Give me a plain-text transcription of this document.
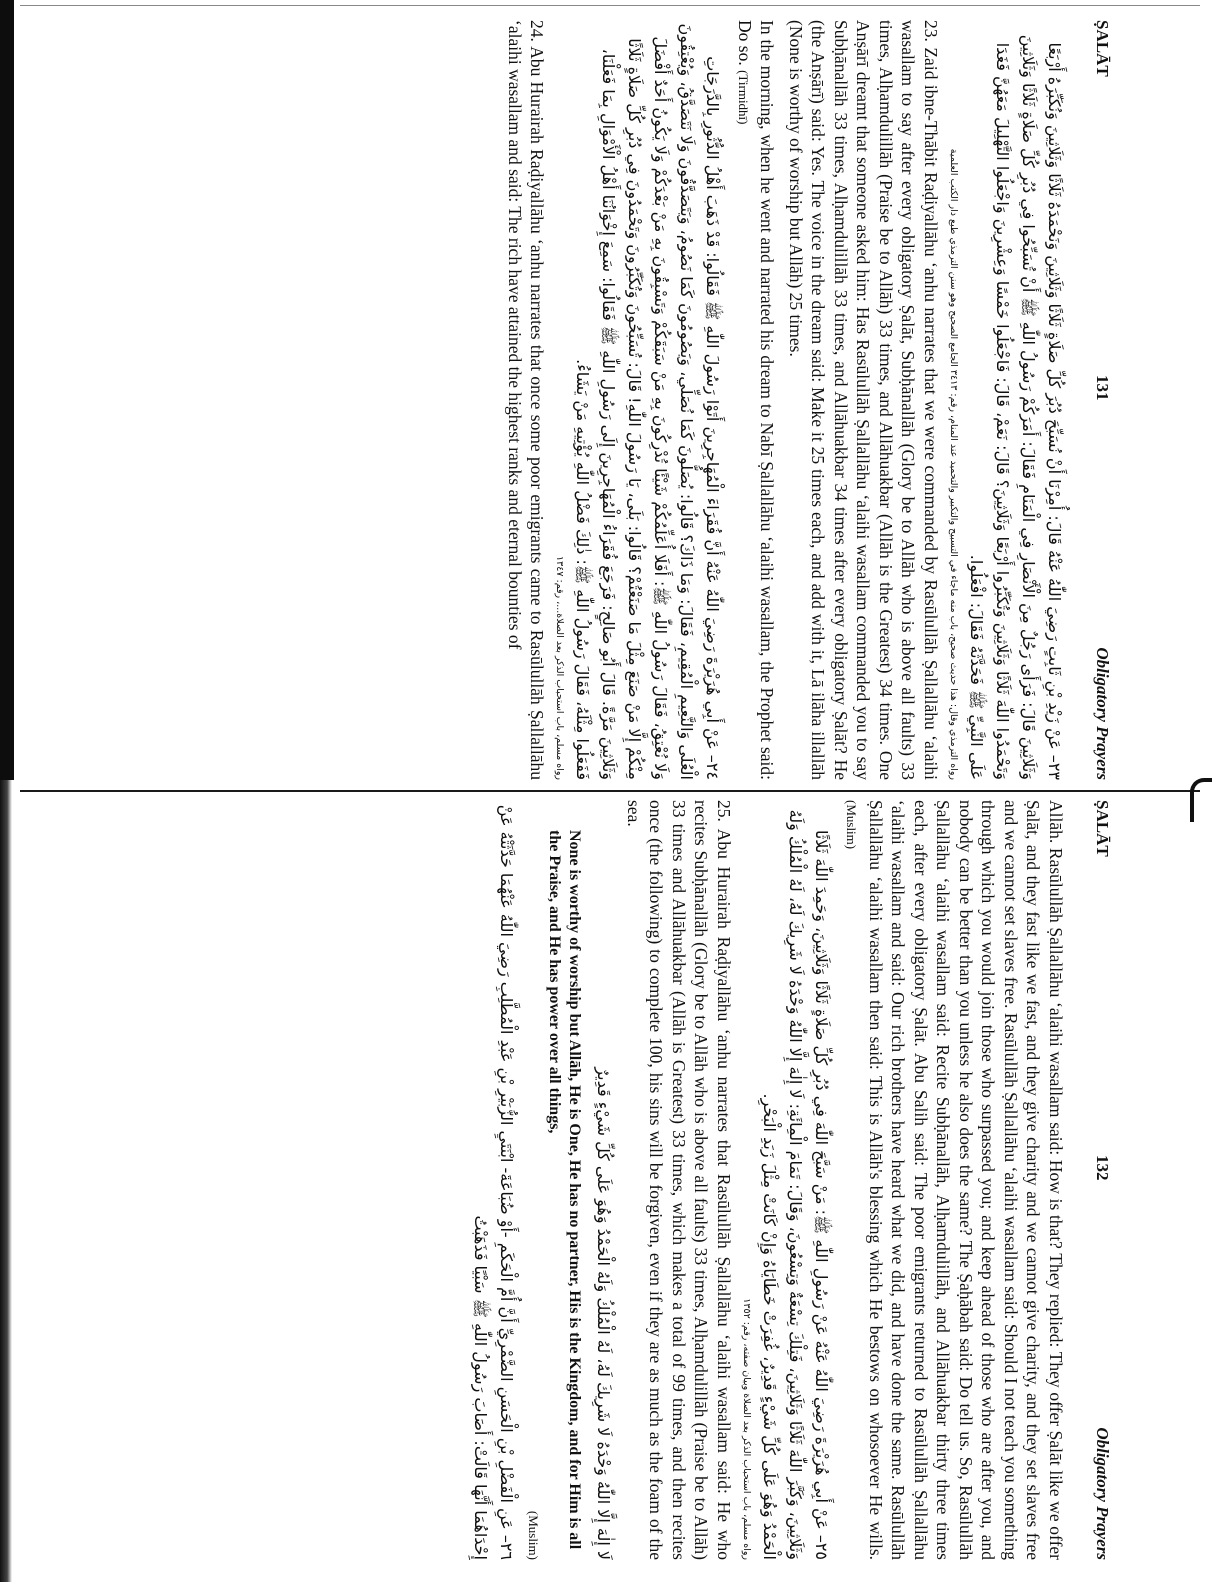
ṢALĀT
131
Obligatory Prayers

٢٣– عَنْ زَيْدِ بْنِ ثَابِتٍ رَضِيَ اللّٰهُ عَنْهُ قَالَ: أُمِرْنَا أَنْ نُسَبِّحَ دُبُرَ كُلِّ صَلَاةٍ ثَلَاثًا وَثَلَاثِينَ وَنَحْمَدَهُ ثَلَاثًا وَثَلَاثِينَ وَنُكَبِّرَهُ أَرْبَعًا وَثَلَاثِينَ قَالَ: فَرَأَى رَجُلٌ مِنَ الْأَنْصَارِ فِي الْمَنَامِ فَقَالَ: أَمَرَكُمْ رَسُولُ اللّٰهِ ﷺ أَنْ تُسَبِّحُوا فِي دُبُرِ كُلِّ صَلَاةٍ ثَلَاثًا وَثَلَاثِينَ وَتَحْمَدُوا اللّٰهَ ثَلَاثًا وَثَلَاثِينَ وَتُكَبِّرُوا أَرْبَعًا وَثَلَاثِينَ؟ قَالَ: نَعَمْ، قَالَ: فَاجْعَلُوا خَمْسًا وَعِشْرِينَ وَاجْعَلُوا التَّهْلِيلَ مَعَهُنَّ فَغَدَا عَلَى النَّبِيِّ ﷺ فَحَدَّثَهُ فَقَالَ: افْعَلُوا.

رواه الترمذي وقال: هذا حديث صحيح، باب منه ماجاء في التسبيح والتكبير والتحميد عند المنام، رقم: ٣٤١٣ الجامع الصحيح وهو سنن الترمذي طبع دار الكتب العلمية

23. Zaid ibne-Thābit Raḍiyallāhu ʻanhu narrates that we were commanded by Rasūlullāh Ṣallallāhu ʻalaihi wasallam to say after every obligatory Ṣalāt, Subḥānallāh (Glory be to Allāh who is above all faults) 33 times, Alḥamdulillāh (Praise be to Allāh) 33 times, and Allāhuakbar (Allāh is the Greatest) 34 times. One Anṣārī dreamt that someone asked him: Has Rasūlullāh Ṣallallāhu ʻalaihi wasallam commanded you to say Subḥānallāh 33 times, Alḥamdulillāh 33 times, and Allāhuakbar 34 times after every obligatory Ṣalāt? He (the Anṣārī) said: Yes. The voice in the dream said: Make it 25 times each, and add with it, Lā ilāha illallāh (None is worthy of worship but Allāh) 25 times.

In the morning, when he went and narrated his dream to Nabī Ṣallallāhu ʻalaihi wasallam, the Prophet said: Do so. (Tirmidhī)

٢٤– عَنْ أَبِي هُرَيْرَةَ رَضِيَ اللّٰهُ عَنْهُ أَنَّ فُقَرَاءَ الْمُهَاجِرِينَ أَتَوْا رَسُولَ اللّٰهِ ﷺ فَقَالُوا: قَدْ ذَهَبَ أَهْلُ الدُّثُورِ بِالدَّرَجَاتِ الْعُلَى وَالنَّعِيمِ الْمُقِيمِ، فَقَالَ: وَمَا ذَاكَ؟ قَالُوا: يُصَلُّونَ كَمَا نُصَلِّي، وَيَصُومُونَ كَمَا نَصُومُ، وَيَتَصَدَّقُونَ وَلَا نَتَصَدَّقُ، وَيُعْتِقُونَ وَلَا نُعْتِقُ، فَقَالَ رَسُولُ اللّٰهِ ﷺ: أَفَلَا أُعَلِّمُكُمْ شَيْئًا تُدْرِكُونَ بِهِ مَنْ سَبَقَكُمْ وَتَسْبِقُونَ بِهِ مَنْ بَعْدَكُمْ وَلَا يَكُونُ أَحَدٌ أَفْضَلَ مِنْكُمْ إِلَّا مَنْ صَنَعَ مِثْلَ مَا صَنَعْتُمْ؟ قَالُوا: بَلَى، يَا رَسُولَ اللّٰهِ! قَالَ: تُسَبِّحُونَ وَتُكَبِّرُونَ وَتَحْمَدُونَ فِي دُبُرِ كُلِّ صَلَاةٍ ثَلَاثًا وَثَلَاثِينَ مَرَّةً. قَالَ أَبُو صَالِحٍ: فَرَجَعَ فُقَرَاءُ الْمُهَاجِرِينَ إِلَى رَسُولِ اللّٰهِ ﷺ فَقَالُوا: سَمِعَ إِخْوَانُنَا أَهْلُ الْأَمْوَالِ بِمَا فَعَلْنَا، فَفَعَلُوا مِثْلَهُ، فَقَالَ رَسُولُ اللّٰهِ ﷺ: ذٰلِكَ فَضْلُ اللّٰهِ يُؤْتِيهِ مَنْ يَشَاءُ.

رواه مسلم، باب استحباب الذكر بعد الصلاة...، رقم: ١٣٤٧

24. Abu Hurairah Raḍiyallāhu ʻanhu narrates that once some poor emigrants came to Rasūlullāh Ṣallallāhu ʻalaihi wasallam and said: The rich have attained the highest ranks and eternal bounties of

ṢALĀT
132
Obligatory Prayers

Allāh. Rasūlullāh Ṣallallāhu ʻalaihi wasallam said: How is that? They replied: They offer Ṣalāt like we offer Ṣalāt, and they fast like we fast, and they give charity and we cannot give charity, and they set slaves free and we cannot set slaves free. Rasūlullāh Ṣallallāhu ʻalaihi wasallam said: Should I not teach you something through which you would join those who surpassed you; and keep ahead of those who are after you, and nobody can be better than you unless he also does the same? The Ṣaḥābah said: Do tell us. So, Rasūlullāh Ṣallallāhu ʻalaihi wasallam said: Recite Subḥānallāh, Alḥamdulillāh, and Allāhuakbar thirty three times each, after every obligatory Ṣalāt. Abu Salih said: The poor emigrants returned to Rasūlullāh Ṣallallāhu ʻalaihi wasallam and said: Our rich brothers have heard what we did, and have done the same. Rasūlullāh Ṣallallāhu ʻalaihi wasallam then said: This is Allāh's blessing which He bestows on whosoever He wills. (Muslim)

٢٥– عَنْ أَبِي هُرَيْرَةَ رَضِيَ اللّٰهُ عَنْهُ عَنْ رَسُولِ اللّٰهِ ﷺ: مَنْ سَبَّحَ اللّٰهَ فِي دُبُرِ كُلِّ صَلَاةٍ ثَلَاثًا وَثَلَاثِينَ، وَحَمِدَ اللّٰهَ ثَلَاثًا وَثَلَاثِينَ، وَكَبَّرَ اللّٰهَ ثَلَاثًا وَثَلَاثِينَ، فَتِلْكَ تِسْعَةٌ وَتِسْعُونَ، وَقَالَ: تَمَامَ الْمِائَةِ: لَا إِلٰهَ إِلَّا اللّٰهُ وَحْدَهُ لَا شَرِيكَ لَهُ، لَهُ الْمُلْكُ وَلَهُ الْحَمْدُ وَهُوَ عَلَى كُلِّ شَيْءٍ قَدِيرٌ، غُفِرَتْ خَطَايَاهُ وَإِنْ كَانَتْ مِثْلَ زَبَدِ الْبَحْرِ.

رواه مسلم، باب استحباب الذكر بعد الصلاة وبيان صفته، رقم: ١٣٥٢

25. Abu Hurairah Raḍiyallāhu ʻanhu narrates that Rasūlullāh Ṣallallāhu ʻalaihi wasallam said: He who recites Subḥānallāh (Glory be to Allāh who is above all faults) 33 times, Alḥamdulillāh (Praise be to Allāh) 33 times and Allāhuakbar (Allāh is Greatest) 33 times, which makes a total of 99 times, and then recites once (the following) to complete 100, his sins will be forgiven, even if they are as much as the foam of the sea.

لَا إِلٰهَ إِلَّا اللّٰهُ وَحْدَهُ لَا شَرِيكَ لَهُ، لَهُ الْمُلْكُ وَلَهُ الْحَمْدُ وَهُوَ عَلَى كُلِّ شَيْءٍ قَدِيرٌ

None is worthy of worship but Allāh, He is One, He has no partner, His is the Kingdom, and for Him is all the Praise, and He has power over all things,

(Muslim)

٢٦– عَنِ الْفَضْلِ بْنِ الْحَسَنِ الضَّمْرِيِّ أَنَّ أُمَّ الْحَكَمِ -أَوْ ضُبَاعَةَ- ابْنَتَيِ الزُّبَيْرِ بْنِ عَبْدِ الْمُطَّلِبِ رَضِيَ اللّٰهُ عَنْهُمَا حَدَّثَتْهُ عَنْ إِحْدَاهُمَا أَنَّهَا قَالَتْ: أَصَابَ رَسُولُ اللّٰهِ ﷺ سَبْيًا فَذَهَبْتُ
